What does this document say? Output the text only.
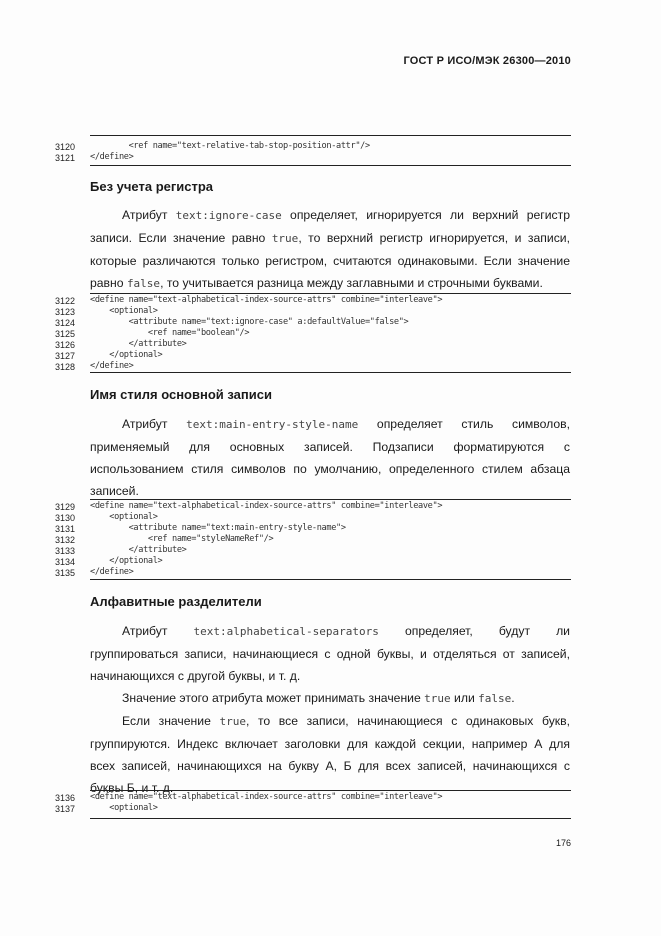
ГОСТ Р ИСО/МЭК 26300—2010
3120 <ref name="text-relative-tab-stop-position-attr"/>
3121 </define>
Без учета регистра
Атрибут text:ignore-case определяет, игнорируется ли верхний регистр
записи. Если значение равно true, то верхний регистр игнорируется, и записи,
которые различаются только регистром, считаются одинаковыми. Если значение
равно false, то учитывается разница между заглавными и строчными буквами.
3122 <define name="text-alphabetical-index-source-attrs" combine="interleave">
3123 <optional>
3124 <attribute name="text:ignore-case" a:defaultValue="false">
3125 <ref name="boolean"/>
3126 </attribute>
3127 </optional>
3128 </define>
Имя стиля основной записи
Атрибут text:main-entry-style-name определяет стиль символов,
применяемый для основных записей. Подзаписи форматируются с
использованием стиля символов по умолчанию, определенного стилем абзаца
записей.
3129 <define name="text-alphabetical-index-source-attrs" combine="interleave">
3130 <optional>
3131 <attribute name="text:main-entry-style-name">
3132 <ref name="styleNameRef"/>
3133 </attribute>
3134 </optional>
3135 </define>
Алфавитные разделители
Атрибут text:alphabetical-separators определяет, будут ли
группироваться записи, начинающиеся с одной буквы, и отделяться от записей,
начинающихся с другой буквы, и т. д.
Значение этого атрибута может принимать значение true или false.
Если значение true, то все записи, начинающиеся с одинаковых букв,
группируются. Индекс включает заголовки для каждой секции, например А для
всех записей, начинающихся на букву А, Б для всех записей, начинающихся с
буквы Б, и т. д.
3136 <define name="text-alphabetical-index-source-attrs" combine="interleave">
3137 <optional>
176
